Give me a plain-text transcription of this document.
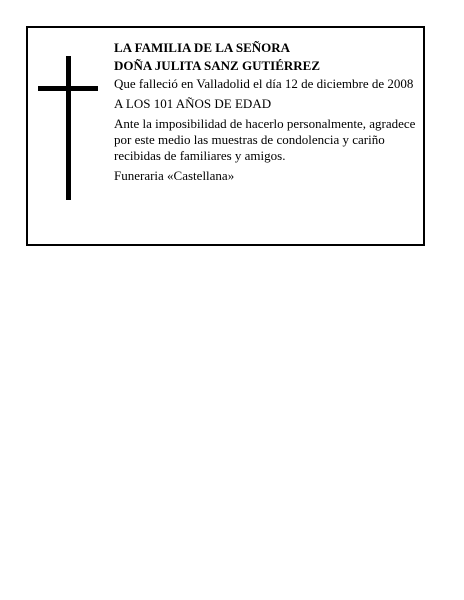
LA FAMILIA DE LA SEÑORA

DOÑA JULITA SANZ GUTIÉRREZ

Que falleció en Valladolid el día 12 de diciembre de 2008

A LOS 101 AÑOS DE EDAD

Ante la imposibilidad de hacerlo personalmente, agradece por este medio las muestras de condolencia y cariño recibidas de familiares y amigos.

Funeraria «Castellana»
